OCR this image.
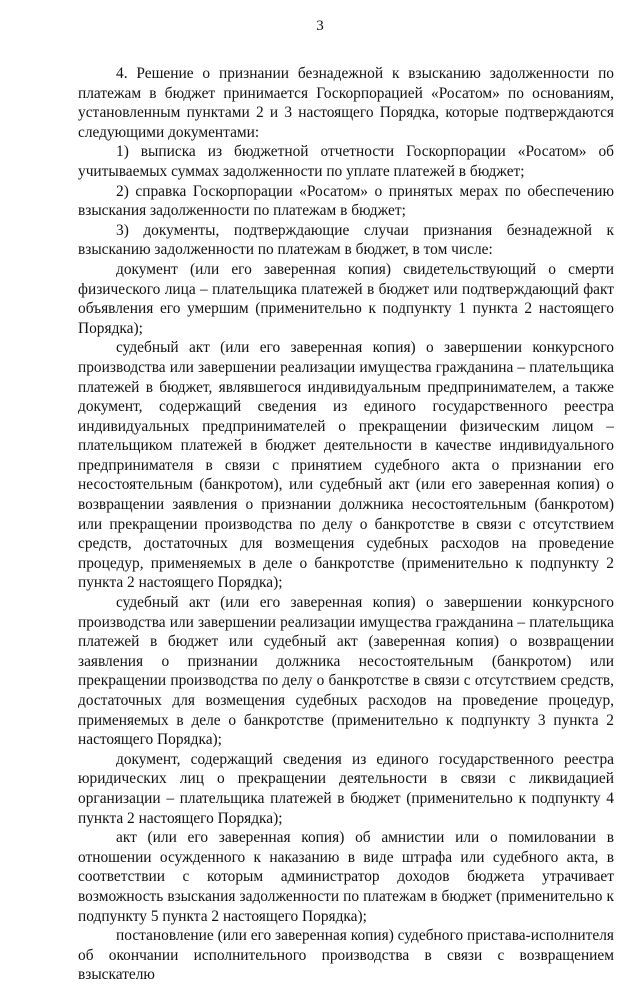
3

4. Решение о признании безнадежной к взысканию задолженности по платежам в бюджет принимается Госкорпорацией «Росатом» по основаниям, установленным пунктами 2 и 3 настоящего Порядка, которые подтверждаются следующими документами:

1) выписка из бюджетной отчетности Госкорпорации «Росатом» об учитываемых суммах задолженности по уплате платежей в бюджет;

2) справка Госкорпорации «Росатом» о принятых мерах по обеспечению взыскания задолженности по платежам в бюджет;

3) документы, подтверждающие случаи признания безнадежной к взысканию задолженности по платежам в бюджет, в том числе:

документ (или его заверенная копия) свидетельствующий о смерти физического лица – плательщика платежей в бюджет или подтверждающий факт объявления его умершим (применительно к подпункту 1 пункта 2 настоящего Порядка);

судебный акт (или его заверенная копия) о завершении конкурсного производства или завершении реализации имущества гражданина – плательщика платежей в бюджет, являвшегося индивидуальным предпринимателем, а также документ, содержащий сведения из единого государственного реестра индивидуальных предпринимателей о прекращении физическим лицом – плательщиком платежей в бюджет деятельности в качестве индивидуального предпринимателя в связи с принятием судебного акта о признании его несостоятельным (банкротом), или судебный акт (или его заверенная копия) о возвращении заявления о признании должника несостоятельным (банкротом) или прекращении производства по делу о банкротстве в связи с отсутствием средств, достаточных для возмещения судебных расходов на проведение процедур, применяемых в деле о банкротстве (применительно к подпункту 2 пункта 2 настоящего Порядка);

судебный акт (или его заверенная копия) о завершении конкурсного производства или завершении реализации имущества гражданина – плательщика платежей в бюджет или судебный акт (заверенная копия) о возвращении заявления о признании должника несостоятельным (банкротом) или прекращении производства по делу о банкротстве в связи с отсутствием средств, достаточных для возмещения судебных расходов на проведение процедур, применяемых в деле о банкротстве (применительно к подпункту 3 пункта 2 настоящего Порядка);

документ, содержащий сведения из единого государственного реестра юридических лиц о прекращении деятельности в связи с ликвидацией организации – плательщика платежей в бюджет (применительно к подпункту 4 пункта 2 настоящего Порядка);

акт (или его заверенная копия) об амнистии или о помиловании в отношении осужденного к наказанию в виде штрафа или судебного акта, в соответствии с которым администратор доходов бюджета утрачивает возможность взыскания задолженности по платежам в бюджет (применительно к подпункту 5 пункта 2 настоящего Порядка);

постановление (или его заверенная копия) судебного пристава-исполнителя об окончании исполнительного производства в связи с возвращением взыскателю
